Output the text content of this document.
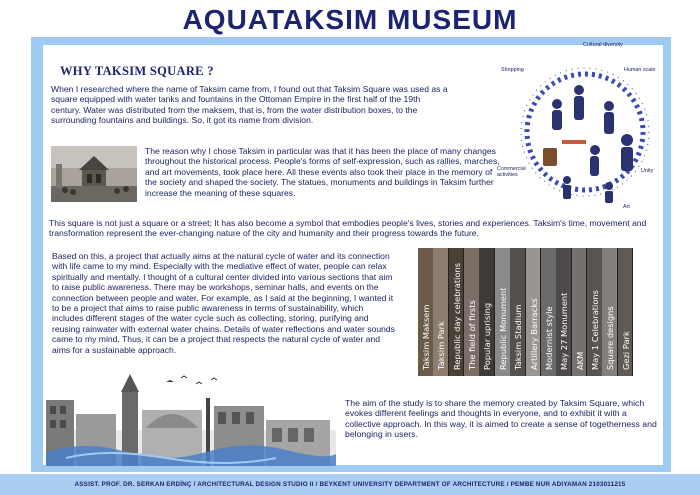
AQUATAKSIM MUSEUM
WHY TAKSIM SQUARE ?

When I researched where the name of Taksim came from, I found out that Taksim Square was used as a square equipped with water tanks and fountains in the Ottoman Empire in the first half of the 19th century. Water was distributed from the maksem, that is, from the water distribution boxes, to the surrounding fountains and buildings. So, it got its name from division.

The reason why I chose Taksim in particular was that it has been the place of many changes throughout the historical process. People's forms of self-expression, such as rallies, marches, and art movements, took place here. All these events also took their place in the memory of the society and shaped the society. The statues, monuments and buildings in Taksim further increase the meaning of these squares.

Cultural diversity
Shopping	Human scale
Commercial activities
Unity
Art

This square is not just a square or a street; It has also become a symbol that embodies people's lives, stories and experiences. Taksim's time, movement and transformation represent the ever-changing nature of the city and humanity and their progress towards the future.

Based on this, a project that actually aims at the natural cycle of water and its connection with life came to my mind. Especially with the mediative effect of water, people can relax spiritually and mentally. I thought of a cultural center divided into various sections that aim to raise public awareness. There may be workshops, seminar halls, and events on the connection between people and water. For example, as I said at the beginning, I wanted it to be a project that aims to raise public awareness in terms of sustainability, which includes different stages of the water cycle such as collecting, storing, purifying and reusing rainwater with external water chains. Details of water reflections and water sounds came to my mind. Thus, it can be a project that respects the natural cycle of water and aims for a sustainable approach.	Taksim Maksem Taksim Park Republic day celebrations The field of firsts Popular uprising Republic Monument Taksim Stadium Artillery Barracks Modernist style May 27 Monument AKM May 1 Celebrations Square designs Gezi Park

The aim of the study is to share the memory created by Taksim Square, which evokes different feelings and thoughts in everyone, and to exhibit it with a collective approach. In this way, it is aimed to create a sense of togetherness and belonging in users.

ASSIST. PROF. DR. SERKAN ERDİNÇ / ARCHITECTURAL DESIGN STUDIO II / BEYKENT UNIVERSITY DEPARTMENT OF ARCHITECTURE / PEMBE NUR ADIYAMAN 2103011215
